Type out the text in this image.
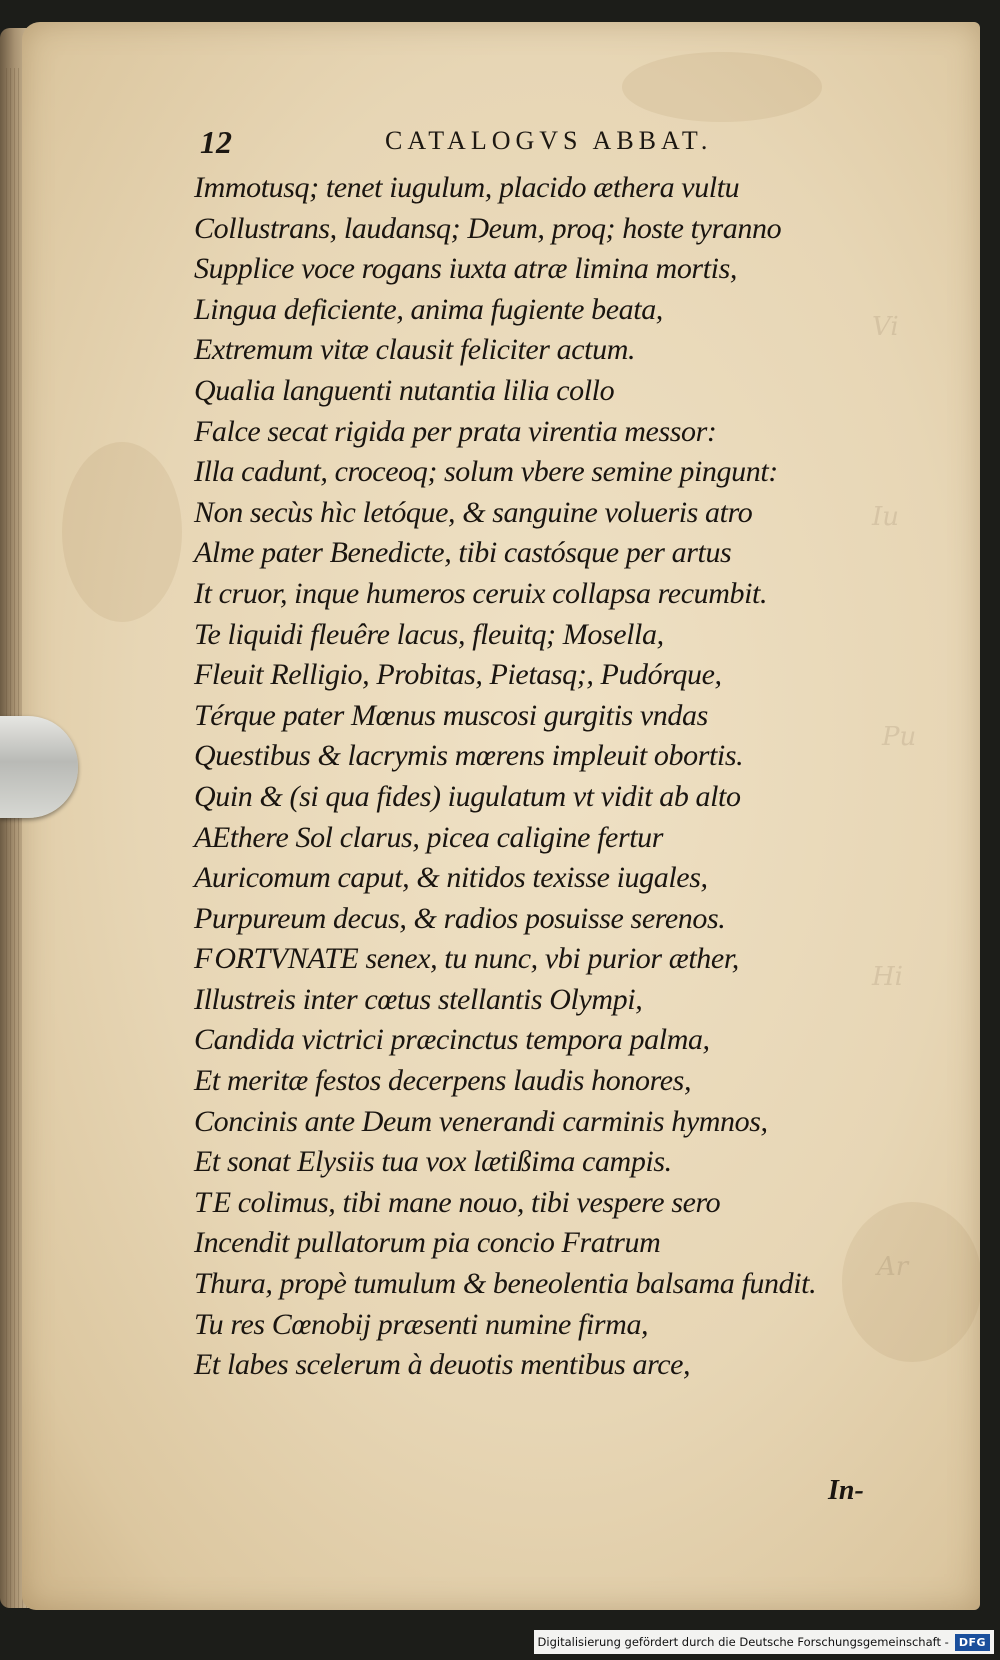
Vi
Iu
Pu
Hi
Ar
12	CATALOGVS ABBAT.
Immotusq; tenet iugulum, placido æthera vultu
Collustrans, laudansq; Deum, proq; hoste tyranno
Supplice voce rogans iuxta atræ limina mortis,
Lingua deficiente, anima fugiente beata,
Extremum vitæ clausit feliciter actum.
Qualia languenti nutantia lilia collo
Falce secat rigida per prata virentia messor:
Illa cadunt, croceoq; solum vbere semine pingunt:
Non secùs hìc letóque, & sanguine volueris atro
Alme pater Benedicte, tibi castósque per artus
It cruor, inque humeros ceruix collapsa recumbit.
Te liquidi fleuêre lacus, fleuitq; Mosella,
Fleuit Relligio, Probitas, Pietasq;, Pudórque,
Térque pater Mœnus muscosi gurgitis vndas
Questibus & lacrymis mœrens impleuit obortis.
Quin & (si qua fides) iugulatum vt vidit ab alto
AEthere Sol clarus, picea caligine fertur
Auricomum caput, & nitidos texisse iugales,
Purpureum decus, & radios posuisse serenos.
FORTVNATE senex, tu nunc, vbi purior æther,
Illustreis inter cœtus stellantis Olympi,
Candida victrici præcinctus tempora palma,
Et meritæ festos decerpens laudis honores,
Concinis ante Deum venerandi carminis hymnos,
Et sonat Elysiis tua vox lætißima campis.
TE colimus, tibi mane nouo, tibi vespere sero
Incendit pullatorum pia concio Fratrum
Thura, propè tumulum & beneolentia balsama fundit.
Tu res Cœnobij præsenti numine firma,
Et labes scelerum à deuotis mentibus arce,
In-
Digitalisierung gefördert durch die Deutsche Forschungsgemeinschaft - DFG
